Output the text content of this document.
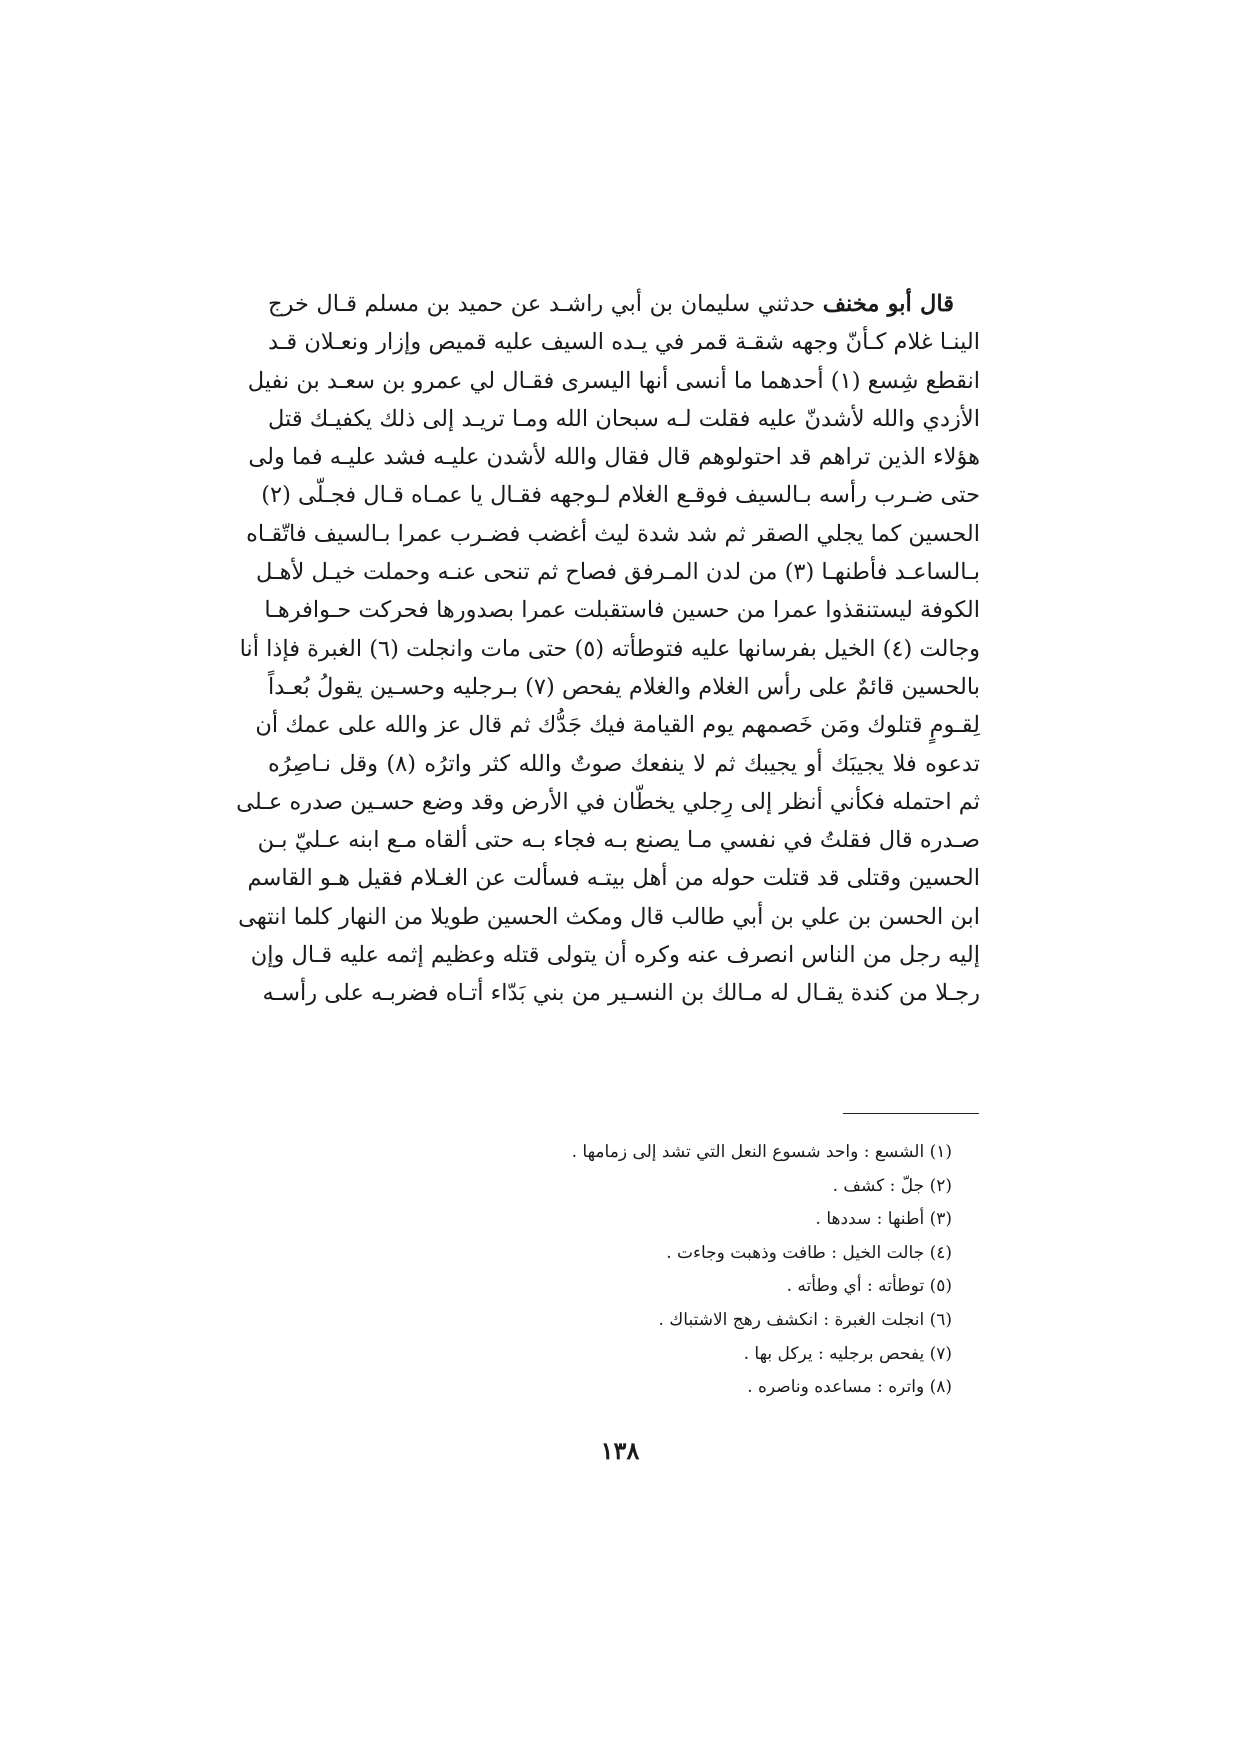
قال أبو مخنف حدثني سليمان بن أبي راشـد عن حميد بن مسلم قـال خرج
الينـا غلام كـأنّ وجهه شقـة قمر في يـده السيف عليه قميص وإزار ونعـلان قـد
انقطع شِسع (١) أحدهما ما أنسى أنها اليسرى فقـال لي عمرو بن سعـد بن نفيل
الأزدي والله لأشدنّ عليه فقلت لـه سبحان الله ومـا تريـد إلى ذلك يكفيـك قتل
هؤلاء الذين تراهم قد احتولوهم قال فقال والله لأشدن عليـه فشد عليـه فما ولى
حتى ضـرب رأسه بـالسيف فوقـع الغلام لـوجهه فقـال يا عمـاه قـال فجـلّى (٢)
الحسين كما يجلي الصقر ثم شد شدة ليث أغضب فضـرب عمرا بـالسيف فاتّقـاه
بـالساعـد فأطنهـا (٣) من لدن المـرفق فصاح ثم تنحى عنـه وحملت خيـل لأهـل
الكوفة ليستنقذوا عمرا من حسين فاستقبلت عمرا بصدورها فحركت حـوافرهـا
وجالت (٤) الخيل بفرسانها عليه فتوطأته (٥) حتى مات وانجلت (٦) الغبرة فإذا أنا
بالحسين قائمٌ على رأس الغلام والغلام يفحص (٧) بـرجليه وحسـين يقولُ بُعـداً
لِقـومٍ قتلوك ومَن خَصمهم يوم القيامة فيك جَدُّك ثم قال عز والله على عمك أن
تدعوه فلا يجيبَك أو يجيبك ثم لا ينفعك صوتٌ والله كثر واترُه (٨) وقل نـاصِرُه
ثم احتمله فكأني أنظر إلى رِجلي يخطّان في الأرض وقد وضع حسـين صدره عـلى
صـدره قال فقلتُ في نفسي مـا يصنع بـه فجاء بـه حتى ألقاه مـع ابنه عـليّ بـن
الحسين وقتلى قد قتلت حوله من أهل بيتـه فسألت عن الغـلام فقيل هـو القاسم
ابن الحسن بن علي بن أبي طالب قال ومكث الحسين طويلا من النهار كلما انتهى
إليه رجل من الناس انصرف عنه وكره أن يتولى قتله وعظيم إثمه عليه قـال وإن
رجـلا من كندة يقـال له مـالك بن النسـير من بني بَدّاء أتـاه فضربـه على رأسـه
(١) الشسع : واحد شسوع النعل التي تشد إلى زمامها .
(٢) جلّ : كشف .
(٣) أطنها : سددها .
(٤) جالت الخيل : طافت وذهبت وجاءت .
(٥) توطأته : أي وطأته .
(٦) انجلت الغبرة : انكشف رهج الاشتباك .
(٧) يفحص برجليه : يركل بها .
(٨) واتره : مساعده وناصره .
١٣٨
